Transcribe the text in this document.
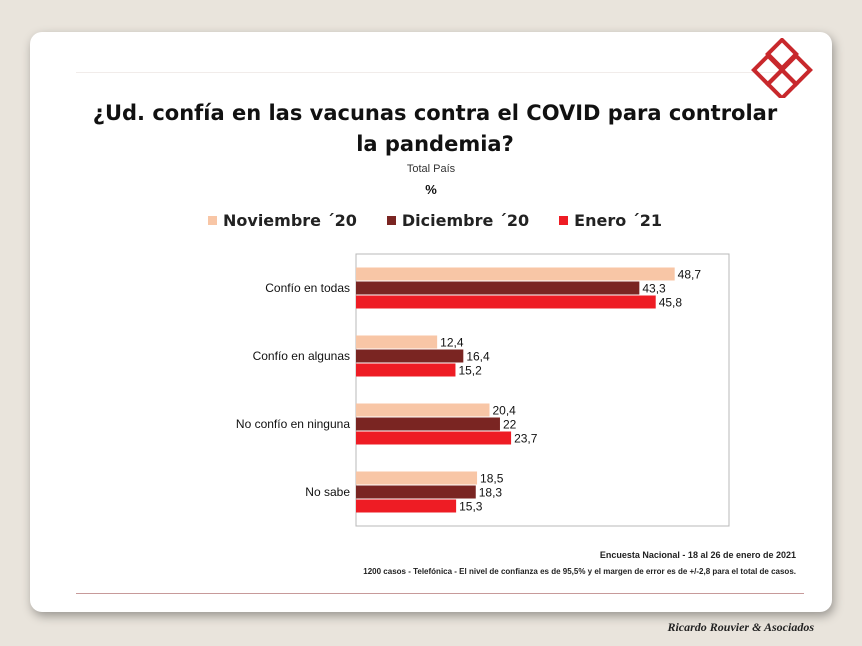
¿Ud. confía en las vacunas contra el COVID para controlar la pandemia?
Total País
%
Noviembre ´20	Diciembre ´20	Enero ´21
Confío en todas
48,7
43,3
45,8
Confío en algunas
12,4
16,4
15,2
No confío en ninguna
20,4
22
23,7
No sabe
18,5
18,3
15,3
Encuesta Nacional - 18 al 26 de enero de 2021
1200 casos - Telefónica - El nivel de confianza es de 95,5% y el margen de error es de +/-2,8 para el total de casos.
Ricardo Rouvier & Asociados
